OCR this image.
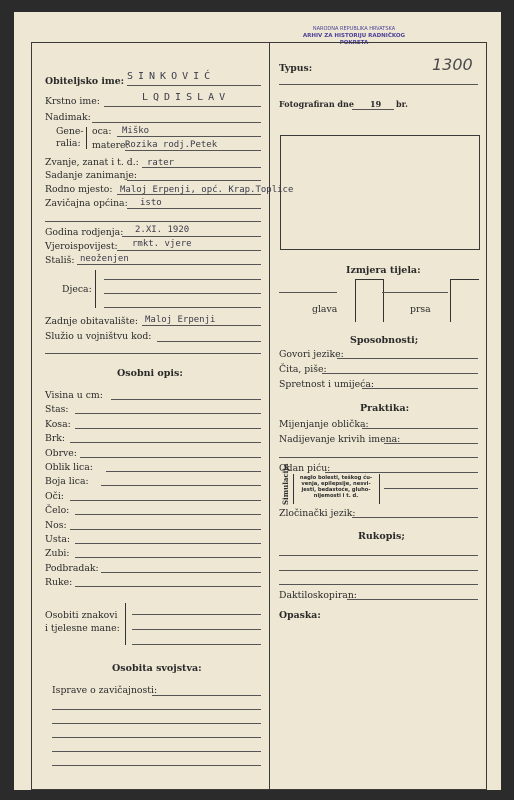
NARODNA REPUBLIKA HRVATSKA
ARHIV ZA HISTORIJU RADNIČKOG POKRETA
1300
Obiteljsko ime: SINKOVIĆ
Krstno ime:	LQDISLAV
Nadimak:
Gene-
ralia:
oca: Miško
matere:
Rozika rodj.Petek
Zvanje, zanat i t. d.: rater
Sadanje zanimanje:
Rodno mjesto: Maloj Erpenji, opć. Krap.Toplice
Zavičajna općina: isto
Godina rodjenja: 2.XI. 1920
Vjeroispovijest: rmkt. vjere
Stališ: neoženjen
Djeca:
Zadnje obitavalište: Maloj Erpenji
Služio u vojništvu kod:
Osobni opis:
Visina u cm:
Stas:
Kosa:
Brk:
Obrve:
Oblik lica:
Boja lica:
Oči:
Čelo:
Nos:
Usta:
Zubi:
Podbradak:
Ruke:
Osobiti znakovi
i tjelesne mane:
Osobita svojstva:
Isprave o zavičajnosti:
Typus:
Fotografiran dne 19 br.
Izmjera tijela:
glava	prsa
Sposobnosti;
Govori jezike:
Čita, piše:
Spretnost i umijeća:
Praktika:
Mijenjanje oblička:
Nadijevanje krivih imena:
Odan piću:
Simulacija	naglo bolesti, teškog ću-
venja, epilepsije, nesvi-
jesti, bedastoće, gluho-
nijemosti i t. d.
Zločinački jezik:
Rukopis;
Daktiloskopiran:
Opaska:
